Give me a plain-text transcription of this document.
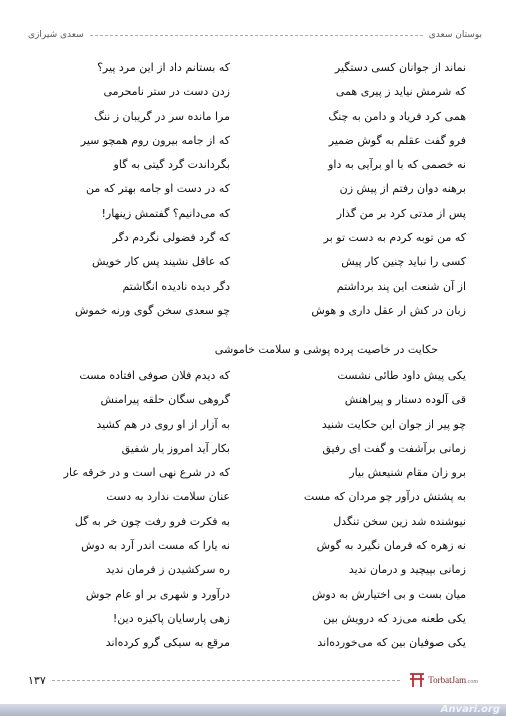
سعدی شیرازی	بوستان سعدی
نماند از جوانان کسی دستگیر
که بستانم داد از این مرد پیر؟
که شرمش نیاید ز پیری همی
زدن دست در ستر نامحرمی
همی کرد فریاد و دامن به چنگ
مرا مانده سر در گریبان ز ننگ
فرو گفت عقلم به گوش ضمیر
که از جامه بیرون روم همچو سیر
نه خصمی که با او برآیی به داو
بگرداندت گرد گیتی به گاو
برهنه دوان رفتم از پیش زن
که در دست او جامه بهتر که من
پس از مدتی کرد بر من گذار
که می‌دانیم؟ گفتمش زینهار!
که من توبه کردم به دست تو بر
که گرد فضولی نگردم دگر
کسی را نباید چنین کار پیش
که عاقل نشیند پس کار خویش
از آن شنعت این پند برداشتم
دگر دیده نادیده انگاشتم
زبان در کش ار عقل داری و هوش
چو سعدی سخن گوی ورنه خموش
حکایت در خاصیت پرده پوشی و سلامت خاموشی
یکی پیش داود طائی نشست
که دیدم فلان صوفی افتاده مست
قی آلوده دستار و پیراهنش
گروهی سگان حلقه پیرامنش
چو پیر از جوان این حکایت شنید
به آزار از او روی در هم کشید
زمانی برآشفت و گفت ای رفیق
بکار آید امروز یار شفیق
برو زان مقام شنیعش بیار
که در شرع نهی است و در خرقه عار
به پشتش درآور چو مردان که مست
عنان سلامت ندارد به دست
نیوشنده شد زین سخن تنگدل
به فکرت فرو رفت چون خر به گل
نه زهره که فرمان نگیرد به گوش
نه یارا که مست اندر آرد به دوش
زمانی بپیچید و درمان ندید
ره سرکشیدن ز فرمان ندید
میان بست و بی اختیارش به دوش
درآورد و شهری بر او عام جوش
یکی طعنه می‌زد که درویش بین
زهی پارسایان پاکیزه دین!
یکی صوفیان بین که می‌خورده‌اند
مرقع به سیکی گرو کرده‌اند
۱۳۷	TorbatJam.com
Anvari.org
